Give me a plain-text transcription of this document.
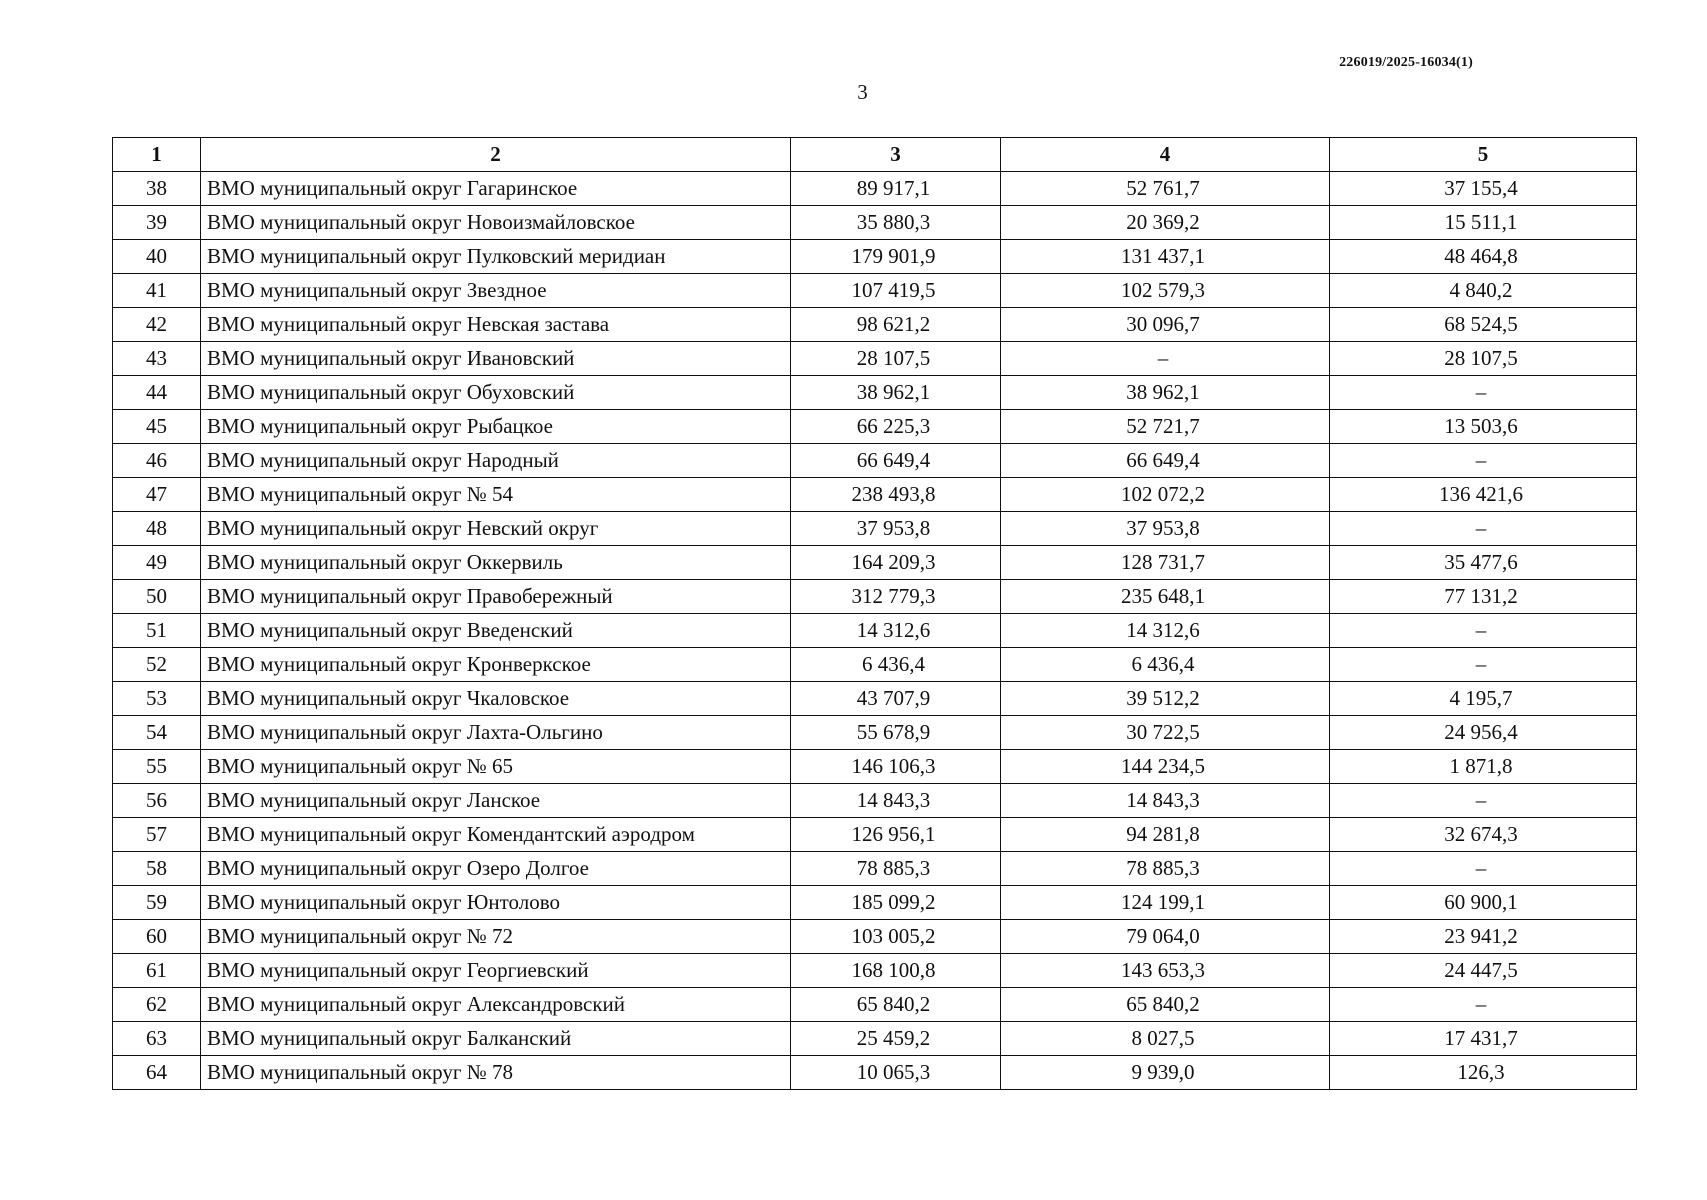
226019/2025-16034(1)
3
1	2	3	4	5
38	ВМО муниципальный округ Гагаринское	89 917,1	52 761,7	37 155,4
39	ВМО муниципальный округ Новоизмайловское	35 880,3	20 369,2	15 511,1
40	ВМО муниципальный округ Пулковский меридиан	179 901,9	131 437,1	48 464,8
41	ВМО муниципальный округ Звездное	107 419,5	102 579,3	4 840,2
42	ВМО муниципальный округ Невская застава	98 621,2	30 096,7	68 524,5
43	ВМО муниципальный округ Ивановский	28 107,5	–	28 107,5
44	ВМО муниципальный округ Обуховский	38 962,1	38 962,1	–
45	ВМО муниципальный округ Рыбацкое	66 225,3	52 721,7	13 503,6
46	ВМО муниципальный округ Народный	66 649,4	66 649,4	–
47	ВМО муниципальный округ № 54	238 493,8	102 072,2	136 421,6
48	ВМО муниципальный округ Невский округ	37 953,8	37 953,8	–
49	ВМО муниципальный округ Оккервиль	164 209,3	128 731,7	35 477,6
50	ВМО муниципальный округ Правобережный	312 779,3	235 648,1	77 131,2
51	ВМО муниципальный округ Введенский	14 312,6	14 312,6	–
52	ВМО муниципальный округ Кронверкское	6 436,4	6 436,4	–
53	ВМО муниципальный округ Чкаловское	43 707,9	39 512,2	4 195,7
54	ВМО муниципальный округ Лахта-Ольгино	55 678,9	30 722,5	24 956,4
55	ВМО муниципальный округ № 65	146 106,3	144 234,5	1 871,8
56	ВМО муниципальный округ Ланское	14 843,3	14 843,3	–
57	ВМО муниципальный округ Комендантский аэродром	126 956,1	94 281,8	32 674,3
58	ВМО муниципальный округ Озеро Долгое	78 885,3	78 885,3	–
59	ВМО муниципальный округ Юнтолово	185 099,2	124 199,1	60 900,1
60	ВМО муниципальный округ № 72	103 005,2	79 064,0	23 941,2
61	ВМО муниципальный округ Георгиевский	168 100,8	143 653,3	24 447,5
62	ВМО муниципальный округ Александровский	65 840,2	65 840,2	–
63	ВМО муниципальный округ Балканский	25 459,2	8 027,5	17 431,7
64	ВМО муниципальный округ № 78	10 065,3	9 939,0	126,3
